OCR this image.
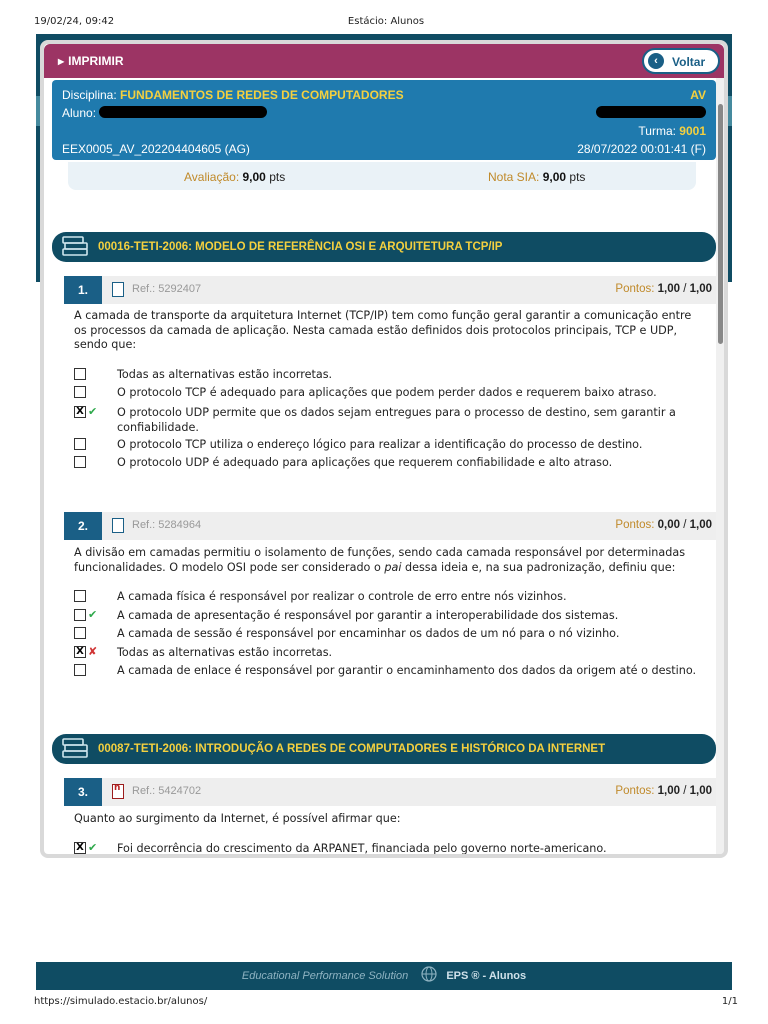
19/02/24, 09:42	Estácio: Alunos
▶ IMPRIMIR	‹	Voltar
Disciplina: FUNDAMENTOS DE REDES DE COMPUTADORES	AV
Aluno:
Turma: 9001
EEX0005_AV_202204404605 (AG)	28/07/2022 00:01:41 (F)
Avaliação: 9,00 pts	Nota SIA: 9,00 pts
00016-TETI-2006: MODELO DE REFERÊNCIA OSI E ARQUITETURA TCP/IP
1.	Ref.: 5292407	Pontos: 1,00 / 1,00
A camada de transporte da arquitetura Internet (TCP/IP) tem como função geral garantir a comunicação entre os processos da camada de aplicação. Nesta camada estão definidos dois protocolos principais, TCP e UDP, sendo que:
Todas as alternativas estão incorretas.
O protocolo TCP é adequado para aplicações que podem perder dados e requerem baixo atraso.
X ✔ O protocolo UDP permite que os dados sejam entregues para o processo de destino, sem garantir a confiabilidade.
O protocolo TCP utiliza o endereço lógico para realizar a identificação do processo de destino.
O protocolo UDP é adequado para aplicações que requerem confiabilidade e alto atraso.
2.	Ref.: 5284964	Pontos: 0,00 / 1,00
A divisão em camadas permitiu o isolamento de funções, sendo cada camada responsável por determinadas funcionalidades. O modelo OSI pode ser considerado o pai dessa ideia e, na sua padronização, definiu que:
A camada física é responsável por realizar o controle de erro entre nós vizinhos.
✔ A camada de apresentação é responsável por garantir a interoperabilidade dos sistemas.
A camada de sessão é responsável por encaminhar os dados de um nó para o nó vizinho.
X ✘ Todas as alternativas estão incorretas.
A camada de enlace é responsável por garantir o encaminhamento dos dados da origem até o destino.
00087-TETI-2006: INTRODUÇÃO A REDES DE COMPUTADORES E HISTÓRICO DA INTERNET
3.
n	Ref.: 5424702	Pontos: 1,00 / 1,00
Quanto ao surgimento da Internet, é possível afirmar que:
X ✔ Foi decorrência do crescimento da ARPANET, financiada pelo governo norte-americano.
Educational Performance Solution	EPS ® - Alunos
https://simulado.estacio.br/alunos/	1/1
